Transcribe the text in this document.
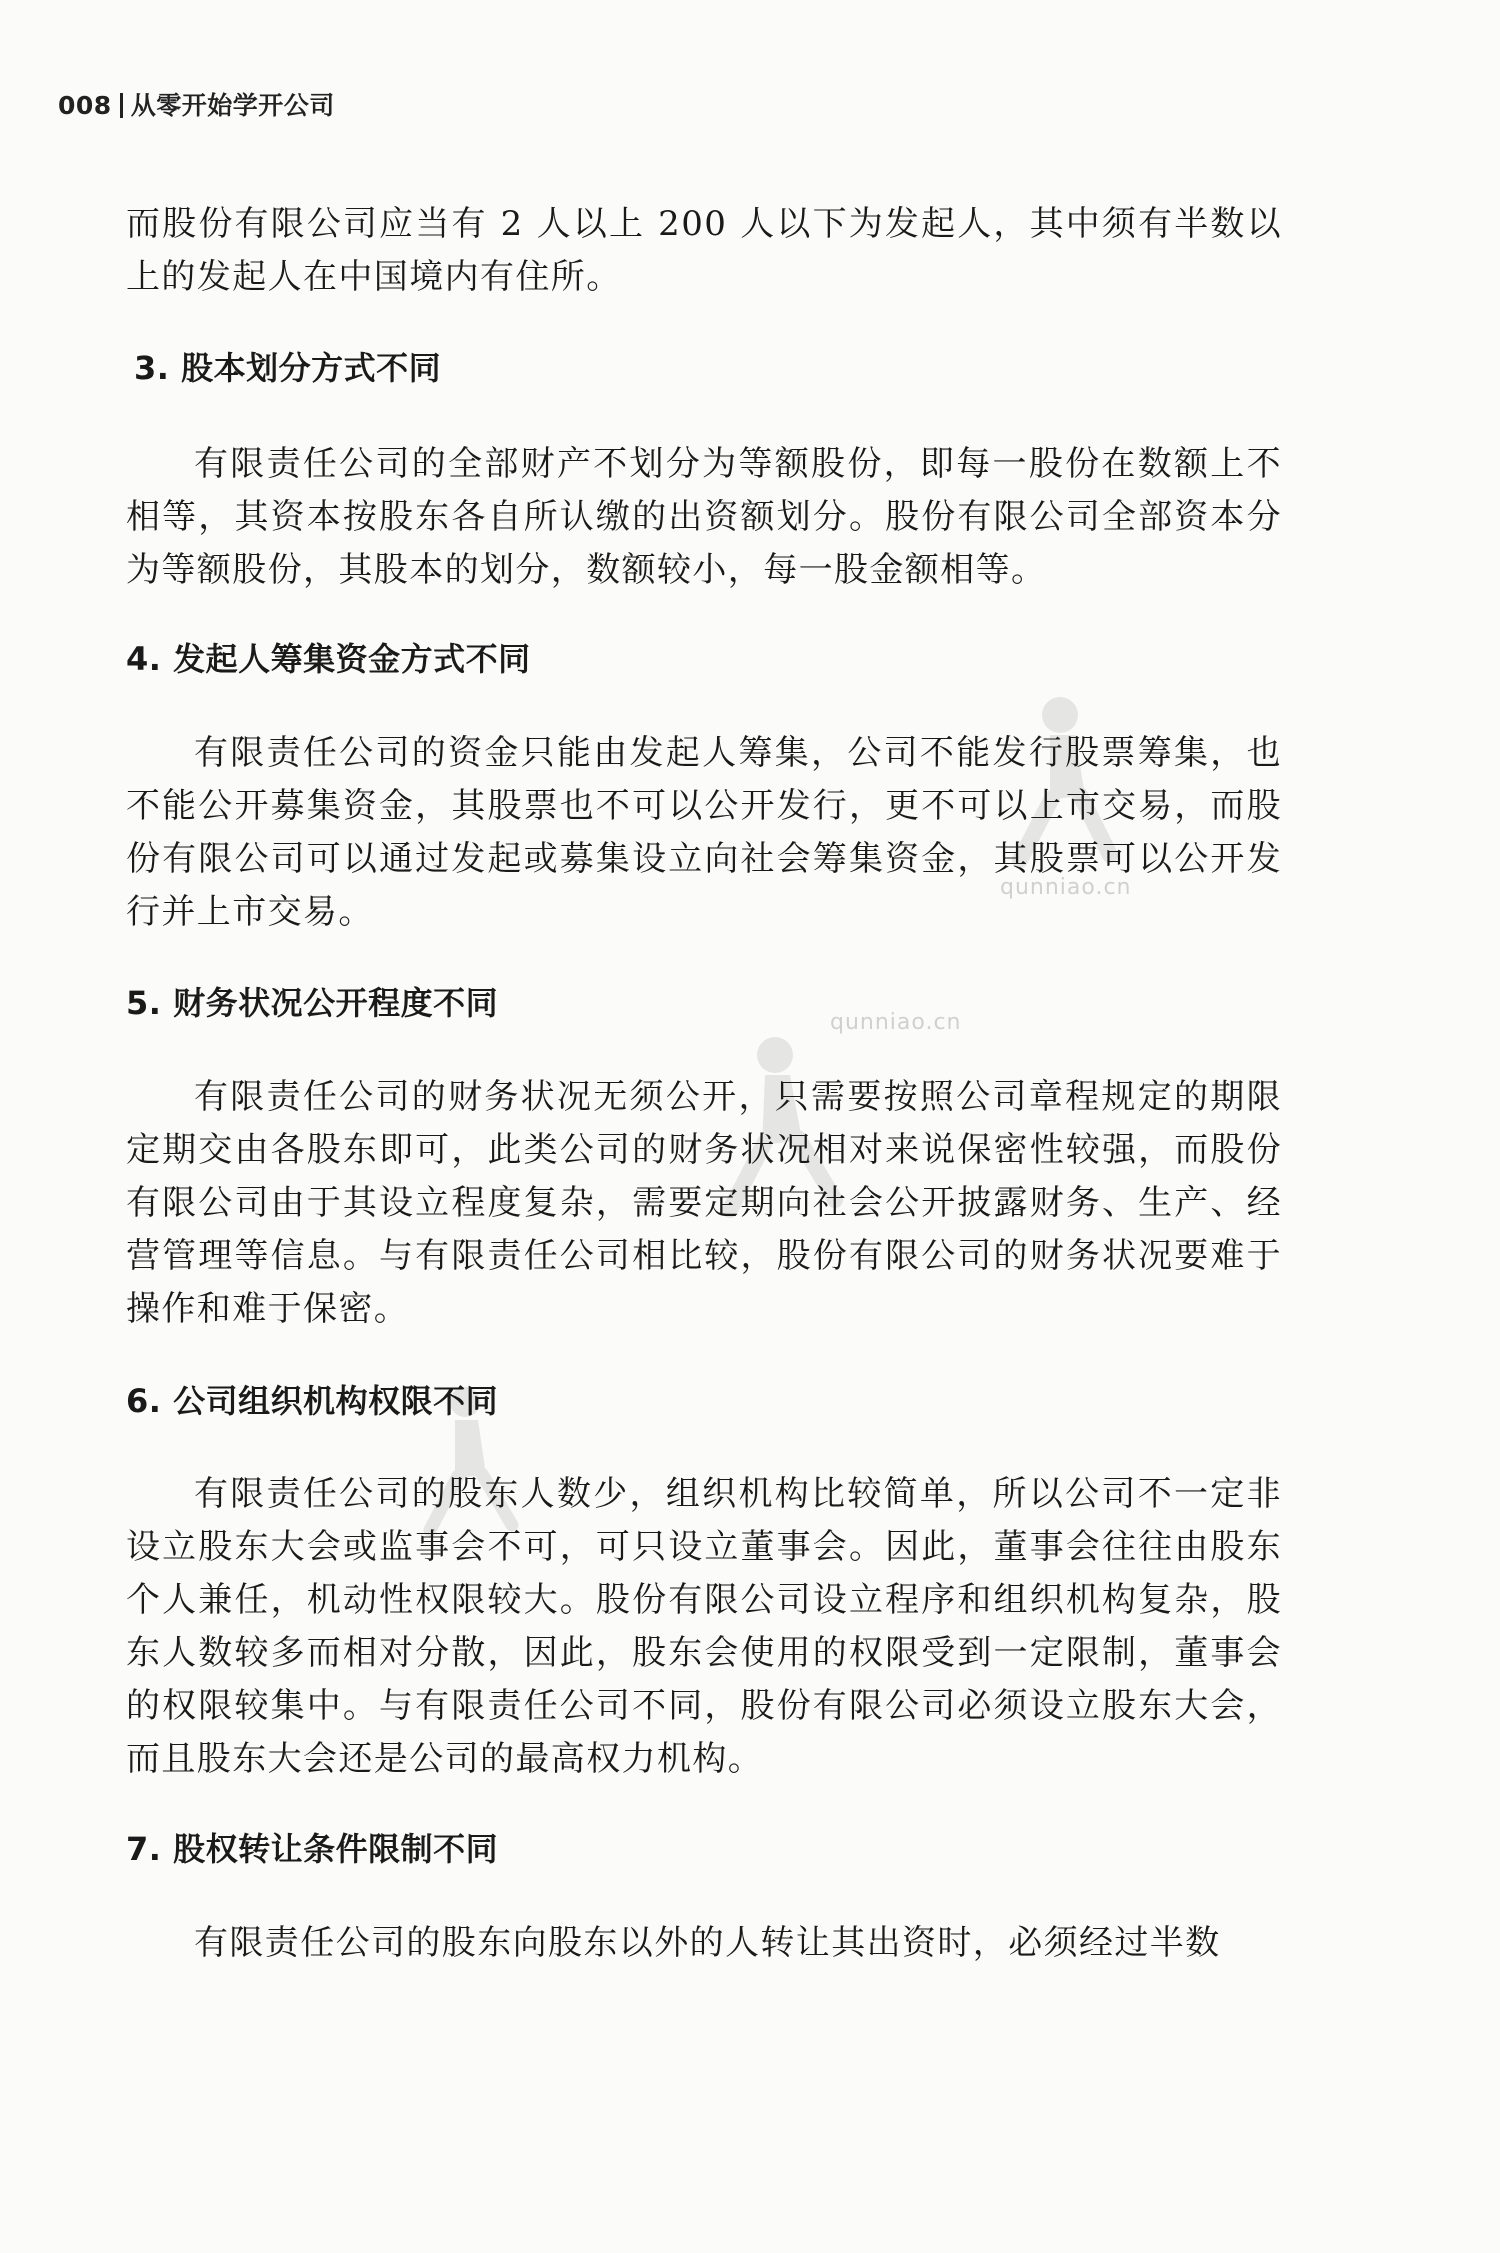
qunniao.cn
qunniao.cn
008 从零开始学开公司

而股份有限公司应当有 2 人以上 200 人以下为发起人，其中须有半数以上的发起人在中国境内有住所。

3. 股本划分方式不同

有限责任公司的全部财产不划分为等额股份，即每一股份在数额上不相等，其资本按股东各自所认缴的出资额划分。股份有限公司全部资本分为等额股份，其股本的划分，数额较小，每一股金额相等。

4. 发起人筹集资金方式不同

有限责任公司的资金只能由发起人筹集，公司不能发行股票筹集，也不能公开募集资金，其股票也不可以公开发行，更不可以上市交易，而股份有限公司可以通过发起或募集设立向社会筹集资金，其股票可以公开发行并上市交易。

5. 财务状况公开程度不同

有限责任公司的财务状况无须公开，只需要按照公司章程规定的期限定期交由各股东即可，此类公司的财务状况相对来说保密性较强，而股份有限公司由于其设立程度复杂，需要定期向社会公开披露财务、生产、经营管理等信息。与有限责任公司相比较，股份有限公司的财务状况要难于操作和难于保密。

6. 公司组织机构权限不同

有限责任公司的股东人数少，组织机构比较简单，所以公司不一定非设立股东大会或监事会不可，可只设立董事会。因此，董事会往往由股东个人兼任，机动性权限较大。股份有限公司设立程序和组织机构复杂，股东人数较多而相对分散，因此，股东会使用的权限受到一定限制，董事会的权限较集中。与有限责任公司不同，股份有限公司必须设立股东大会，而且股东大会还是公司的最高权力机构。

7. 股权转让条件限制不同

有限责任公司的股东向股东以外的人转让其出资时，必须经过半数
